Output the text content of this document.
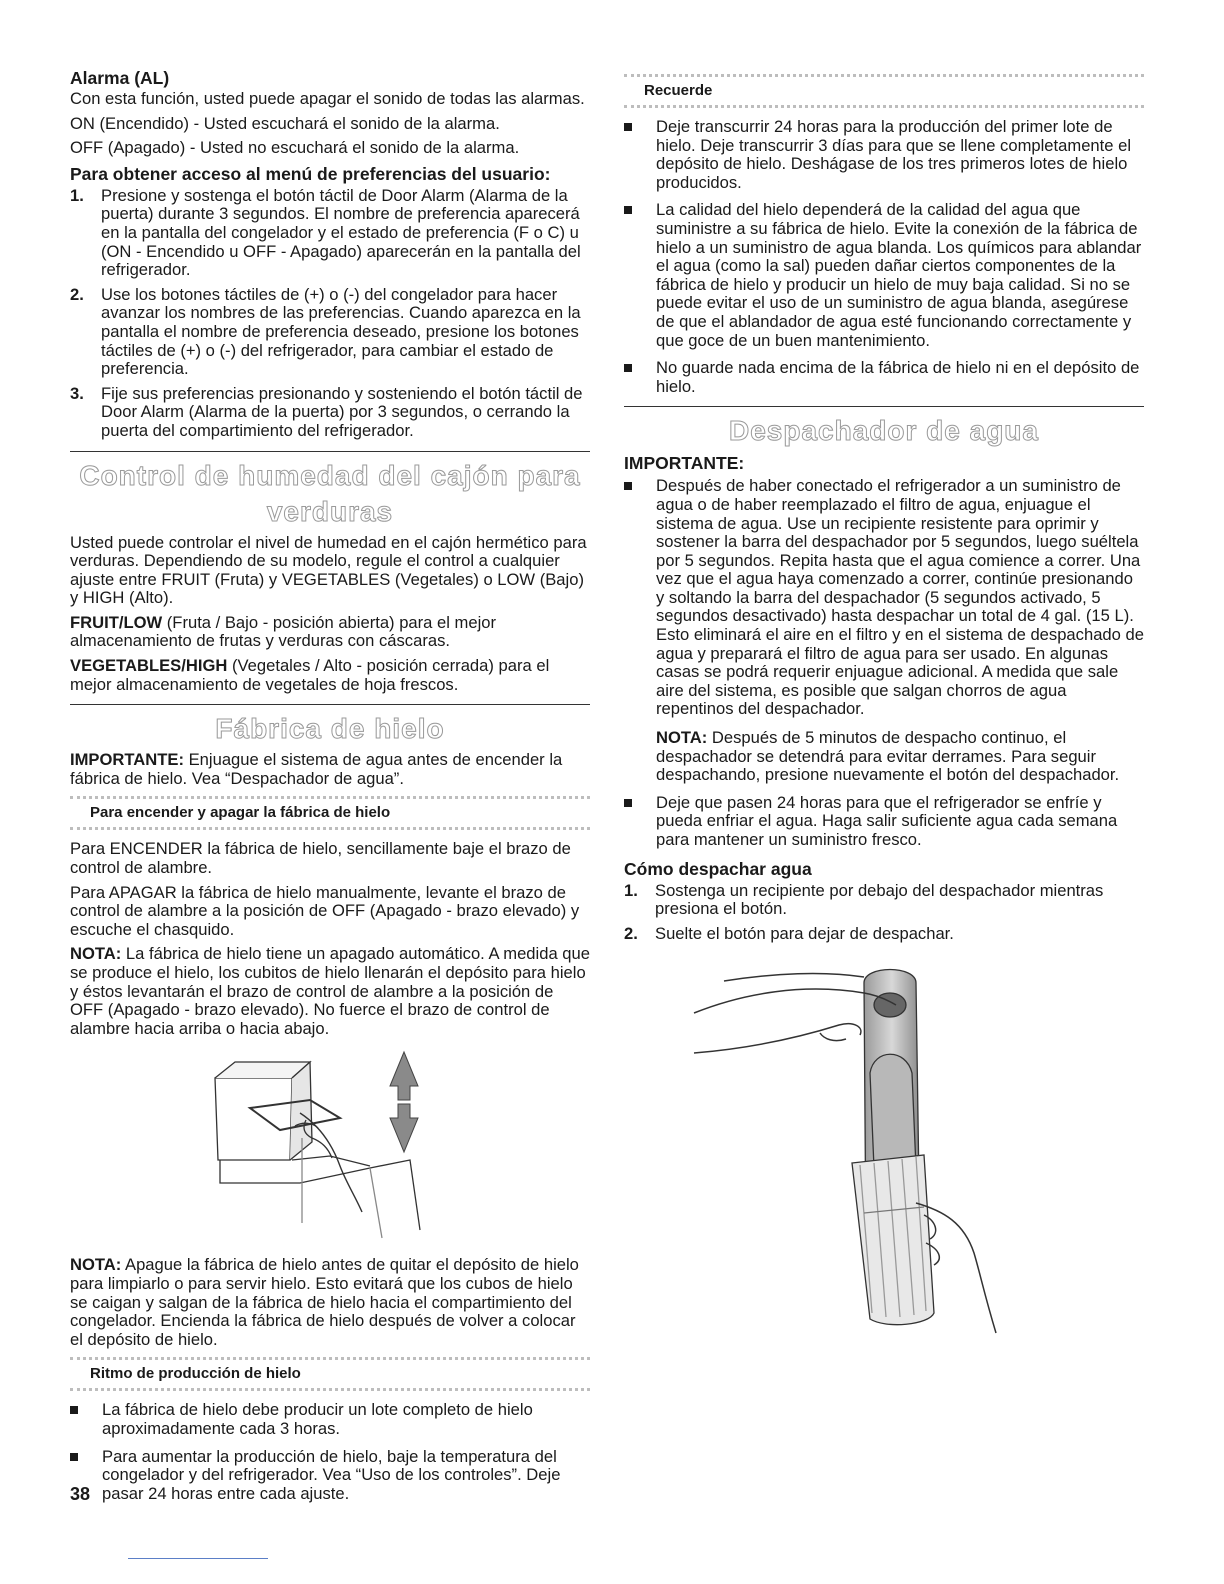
Alarma (AL)

Con esta función, usted puede apagar el sonido de todas las alarmas.

ON (Encendido) - Usted escuchará el sonido de la alarma.

OFF (Apagado) - Usted no escuchará el sonido de la alarma.

Para obtener acceso al menú de preferencias del usuario:
1. Presione y sostenga el botón táctil de Door Alarm (Alarma de la puerta) durante 3 segundos. El nombre de preferencia aparecerá en la pantalla del congelador y el estado de preferencia (F o C) u (ON - Encendido u OFF - Apagado) aparecerán en la pantalla del refrigerador.
2. Use los botones táctiles de (+) o (-) del congelador para hacer avanzar los nombres de las preferencias. Cuando aparezca en la pantalla el nombre de preferencia deseado, presione los botones táctiles de (+) o (-) del refrigerador, para cambiar el estado de preferencia.
3. Fije sus preferencias presionando y sosteniendo el botón táctil de Door Alarm (Alarma de la puerta) por 3 segundos, o cerrando la puerta del compartimiento del refrigerador.
Control de humedad del cajón para verduras

Usted puede controlar el nivel de humedad en el cajón hermético para verduras. Dependiendo de su modelo, regule el control a cualquier ajuste entre FRUIT (Fruta) y VEGETABLES (Vegetales) o LOW (Bajo) y HIGH (Alto).

FRUIT/LOW (Fruta / Bajo - posición abierta) para el mejor almacenamiento de frutas y verduras con cáscaras.

VEGETABLES/HIGH (Vegetales / Alto - posición cerrada) para el mejor almacenamiento de vegetales de hoja frescos.

Fábrica de hielo

IMPORTANTE: Enjuague el sistema de agua antes de encender la fábrica de hielo. Vea “Despachador de agua”.

Para encender y apagar la fábrica de hielo

Para ENCENDER la fábrica de hielo, sencillamente baje el brazo de control de alambre.

Para APAGAR la fábrica de hielo manualmente, levante el brazo de control de alambre a la posición de OFF (Apagado - brazo elevado) y escuche el chasquido.

NOTA: La fábrica de hielo tiene un apagado automático. A medida que se produce el hielo, los cubitos de hielo llenarán el depósito para hielo y éstos levantarán el brazo de control de alambre a la posición de OFF (Apagado - brazo elevado). No fuerce el brazo de control de alambre hacia arriba o hacia abajo.

NOTA: Apague la fábrica de hielo antes de quitar el depósito de hielo para limpiarlo o para servir hielo. Esto evitará que los cubos de hielo se caigan y salgan de la fábrica de hielo hacia el compartimiento del congelador. Encienda la fábrica de hielo después de volver a colocar el depósito de hielo.

Ritmo de producción de hielo
La fábrica de hielo debe producir un lote completo de hielo aproximadamente cada 3 horas.
Para aumentar la producción de hielo, baje la temperatura del congelador y del refrigerador. Vea “Uso de los controles”. Deje pasar 24 horas entre cada ajuste.
Recuerde
Deje transcurrir 24 horas para la producción del primer lote de hielo. Deje transcurrir 3 días para que se llene completamente el depósito de hielo. Deshágase de los tres primeros lotes de hielo producidos.
La calidad del hielo dependerá de la calidad del agua que suministre a su fábrica de hielo. Evite la conexión de la fábrica de hielo a un suministro de agua blanda. Los químicos para ablandar el agua (como la sal) pueden dañar ciertos componentes de la fábrica de hielo y producir un hielo de muy baja calidad. Si no se puede evitar el uso de un suministro de agua blanda, asegúrese de que el ablandador de agua esté funcionando correctamente y que goce de un buen mantenimiento.
No guarde nada encima de la fábrica de hielo ni en el depósito de hielo.
Despachador de agua
IMPORTANTE:
Después de haber conectado el refrigerador a un suministro de agua o de haber reemplazado el filtro de agua, enjuague el sistema de agua. Use un recipiente resistente para oprimir y sostener la barra del despachador por 5 segundos, luego suéltela por 5 segundos. Repita hasta que el agua comience a correr. Una vez que el agua haya comenzado a correr, continúe presionando y soltando la barra del despachador (5 segundos activado, 5 segundos desactivado) hasta despachar un total de 4 gal. (15 L). Esto eliminará el aire en el filtro y en el sistema de despachado de agua y preparará el filtro de agua para ser usado. En algunas casas se podrá requerir enjuague adicional. A medida que sale aire del sistema, es posible que salgan chorros de agua repentinos del despachador.

NOTA: Después de 5 minutos de despacho continuo, el despachador se detendrá para evitar derrames. Para seguir despachando, presione nuevamente el botón del despachador.

Deje que pasen 24 horas para que el refrigerador se enfríe y pueda enfriar el agua. Haga salir suficiente agua cada semana para mantener un suministro fresco.
Cómo despachar agua
1. Sostenga un recipiente por debajo del despachador mientras presiona el botón.
2. Suelte el botón para dejar de despachar.
38
